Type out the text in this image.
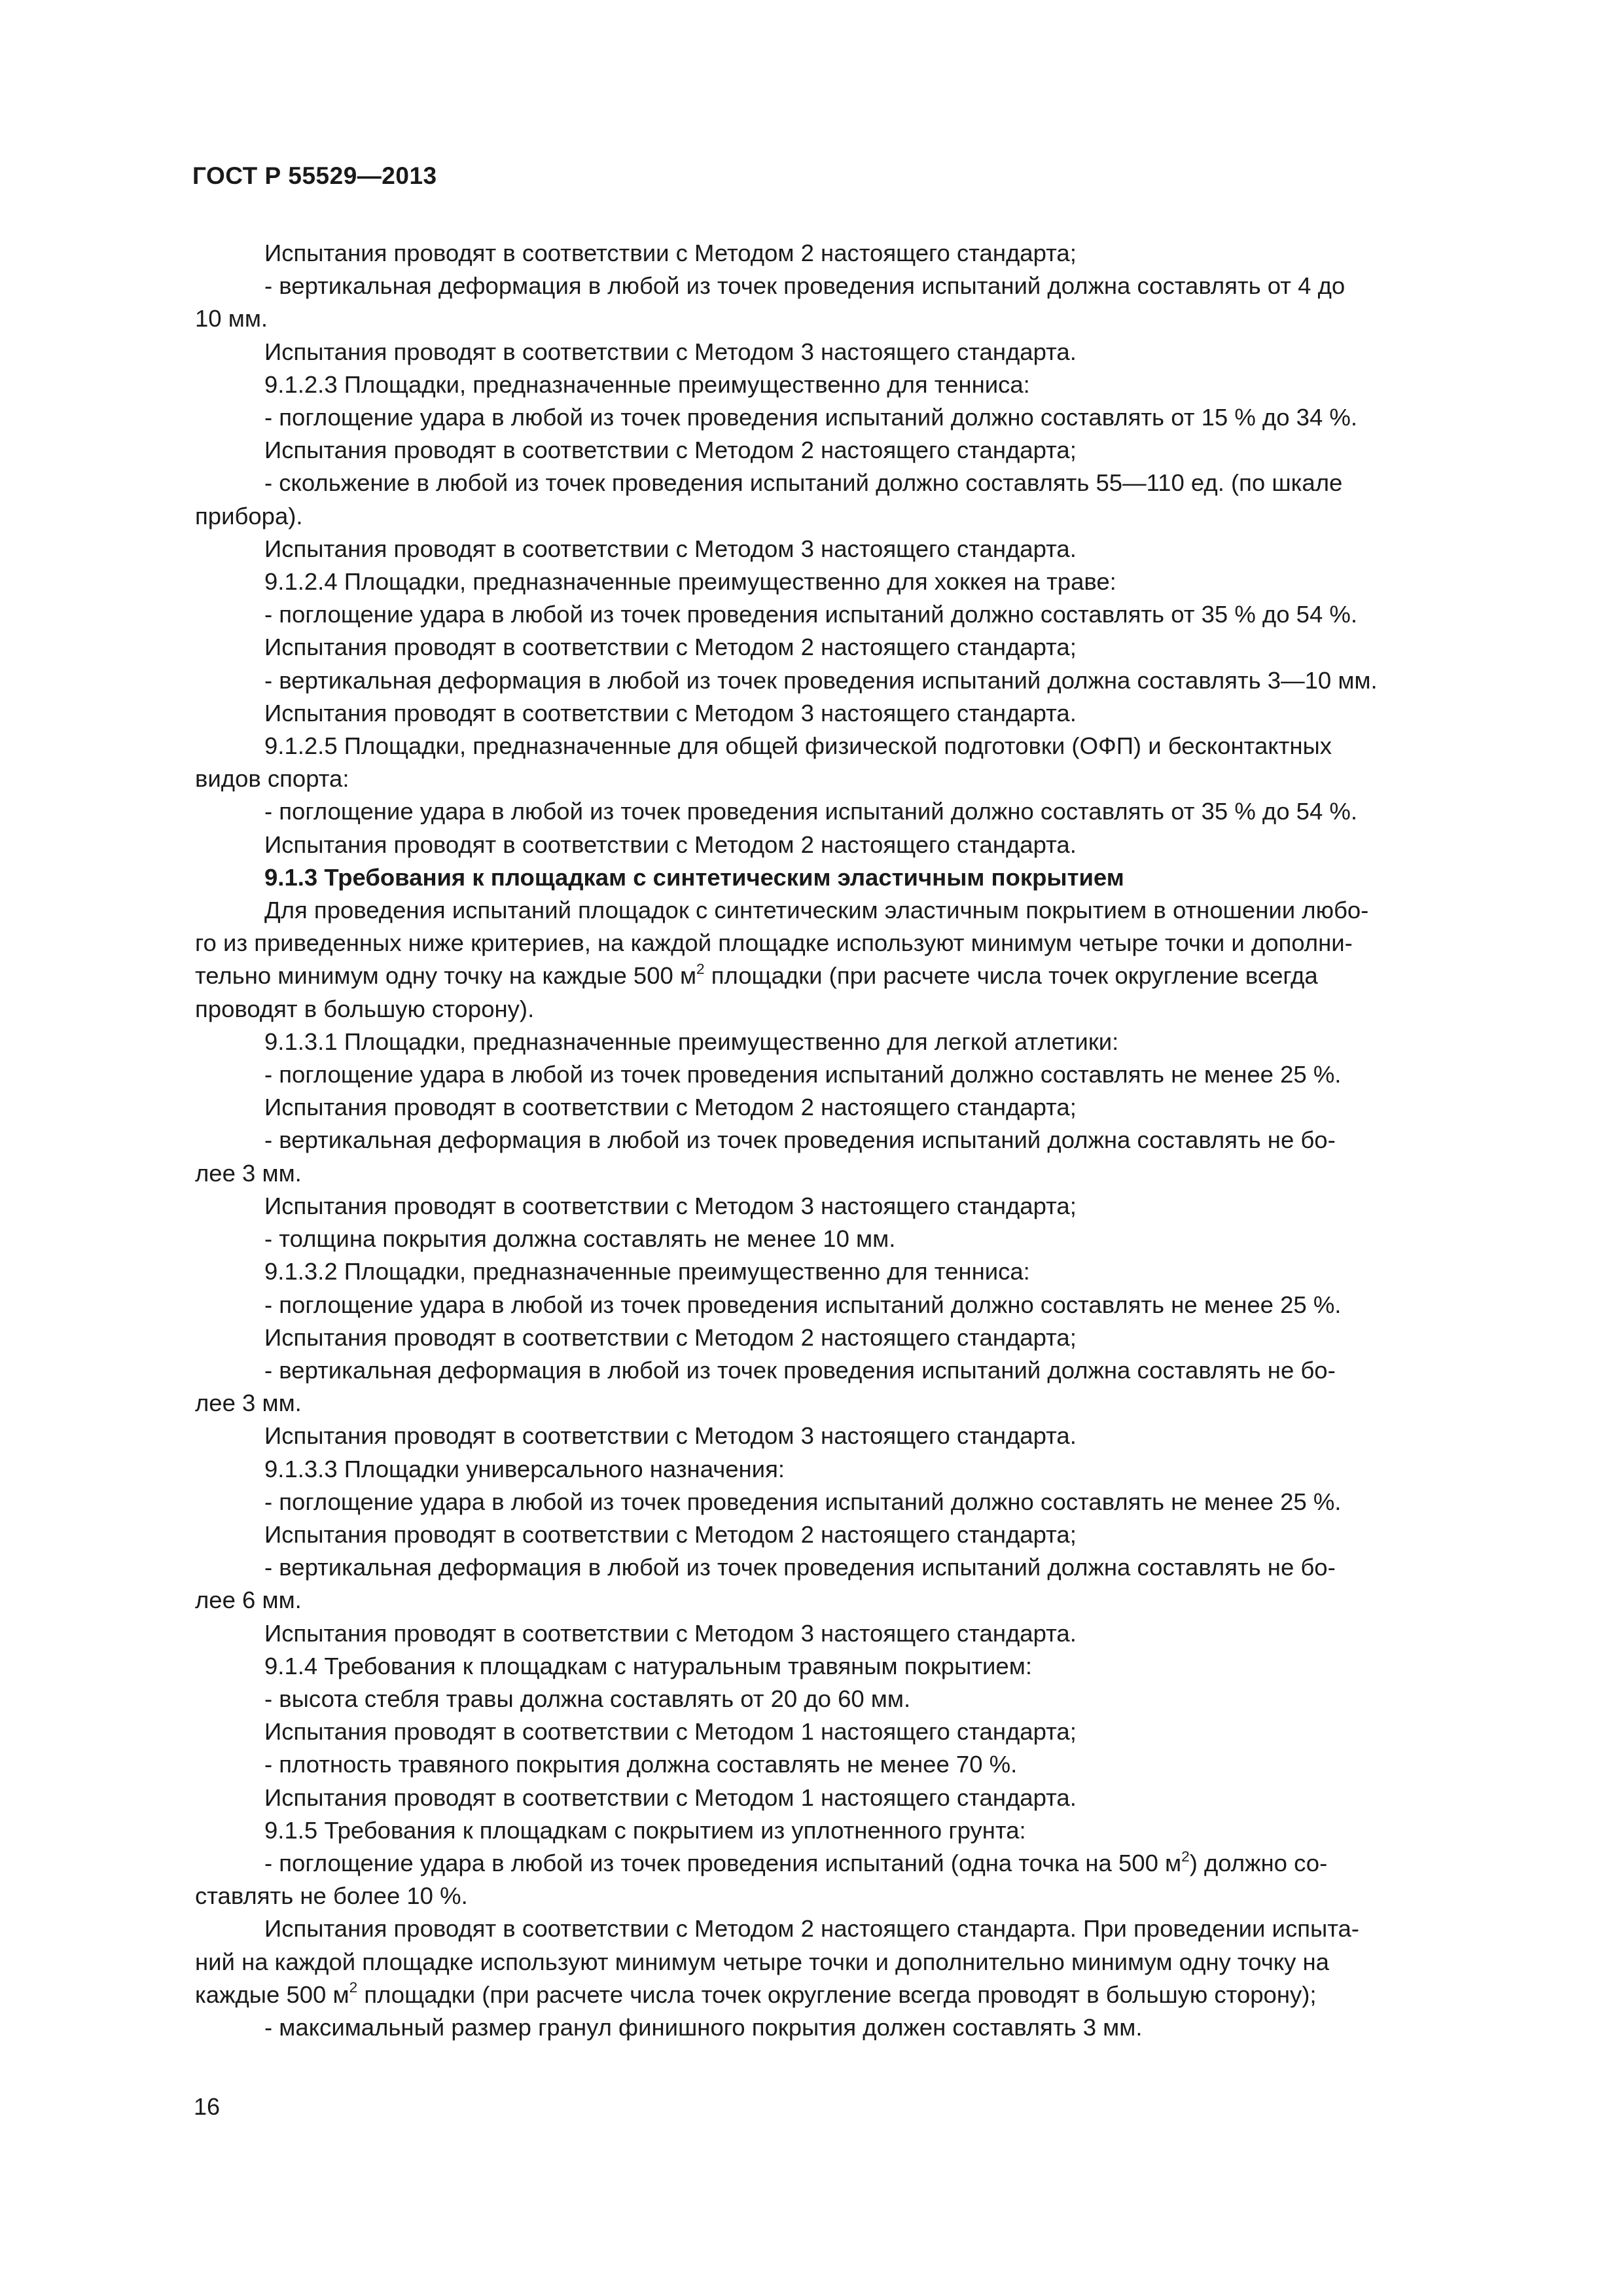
ГОСТ Р 55529—2013

Испытания проводят в соответствии с Методом 2 настоящего стандарта;

- вертикальная деформация в любой из точек проведения испытаний должна составлять от 4 до

10 мм.

Испытания проводят в соответствии с Методом 3 настоящего стандарта.

9.1.2.3 Площадки, предназначенные преимущественно для тенниса:

- поглощение удара в любой из точек проведения испытаний должно составлять от 15 % до 34 %.

Испытания проводят в соответствии с Методом 2 настоящего стандарта;

- скольжение в любой из точек проведения испытаний должно составлять 55—110 ед. (по шкале

прибора).

Испытания проводят в соответствии с Методом 3 настоящего стандарта.

9.1.2.4 Площадки, предназначенные преимущественно для хоккея на траве:

- поглощение удара в любой из точек проведения испытаний должно составлять от 35 % до 54 %.

Испытания проводят в соответствии с Методом 2 настоящего стандарта;

- вертикальная деформация в любой из точек проведения испытаний должна составлять 3—10 мм.

Испытания проводят в соответствии с Методом 3 настоящего стандарта.

9.1.2.5 Площадки, предназначенные для общей физической подготовки (ОФП) и бесконтактных

видов спорта:

- поглощение удара в любой из точек проведения испытаний должно составлять от 35 % до 54 %.

Испытания проводят в соответствии с Методом 2 настоящего стандарта.

9.1.3 Требования к площадкам с синтетическим эластичным покрытием

Для проведения испытаний площадок с синтетическим эластичным покрытием в отношении любо-

го из приведенных ниже критериев, на каждой площадке используют минимум четыре точки и дополни-

тельно минимум одну точку на каждые 500 $м^2$ площадки (при расчете числа точек округление всегда

проводят в большую сторону).

9.1.3.1 Площадки, предназначенные преимущественно для легкой атлетики:

- поглощение удара в любой из точек проведения испытаний должно составлять не менее 25 %.

Испытания проводят в соответствии с Методом 2 настоящего стандарта;

- вертикальная деформация в любой из точек проведения испытаний должна составлять не бо-

лее 3 мм.

Испытания проводят в соответствии с Методом 3 настоящего стандарта;

- толщина покрытия должна составлять не менее 10 мм.

9.1.3.2 Площадки, предназначенные преимущественно для тенниса:

- поглощение удара в любой из точек проведения испытаний должно составлять не менее 25 %.

Испытания проводят в соответствии с Методом 2 настоящего стандарта;

- вертикальная деформация в любой из точек проведения испытаний должна составлять не бо-

лее 3 мм.

Испытания проводят в соответствии с Методом 3 настоящего стандарта.

9.1.3.3 Площадки универсального назначения:

- поглощение удара в любой из точек проведения испытаний должно составлять не менее 25 %.

Испытания проводят в соответствии с Методом 2 настоящего стандарта;

- вертикальная деформация в любой из точек проведения испытаний должна составлять не бо-

лее 6 мм.

Испытания проводят в соответствии с Методом 3 настоящего стандарта.

9.1.4 Требования к площадкам с натуральным травяным покрытием:

- высота стебля травы должна составлять от 20 до 60 мм.

Испытания проводят в соответствии с Методом 1 настоящего стандарта;

- плотность травяного покрытия должна составлять не менее 70 %.

Испытания проводят в соответствии с Методом 1 настоящего стандарта.

9.1.5 Требования к площадкам с покрытием из уплотненного грунта:

- поглощение удара в любой из точек проведения испытаний (одна точка на 500 $м^2$) должно со-

ставлять не более 10 %.

Испытания проводят в соответствии с Методом 2 настоящего стандарта. При проведении испыта-

ний на каждой площадке используют минимум четыре точки и дополнительно минимум одну точку на

каждые 500 $м^2$ площадки (при расчете числа точек округление всегда проводят в большую сторону);

- максимальный размер гранул финишного покрытия должен составлять 3 мм.

16
